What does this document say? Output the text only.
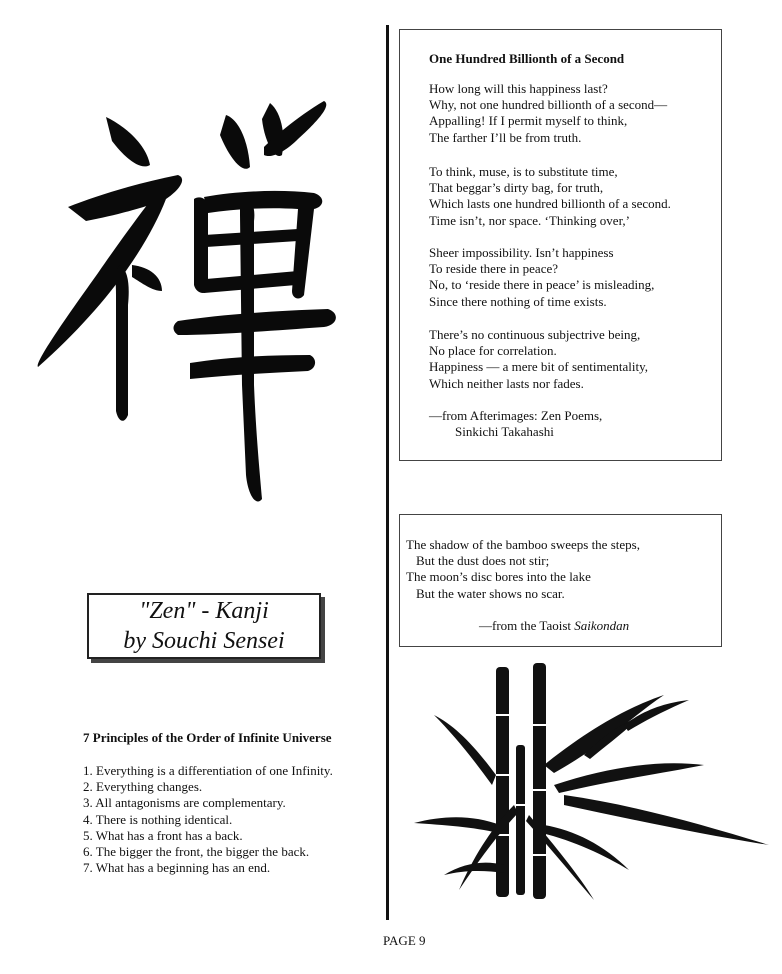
"Zen" - Kanji
by Souchi Sensei
7 Principles of the Order of Infinite Universe
1. Everything is a differentiation of one Infinity.
2. Everything changes.
3. All antagonisms are complementary.
4. There is nothing identical.
5. What has a front has a back.
6. The bigger the front, the bigger the back.
7. What has a beginning has an end.
One Hundred Billionth of a Second
How long will this happiness last?
Why, not one hundred billionth of a second—
Appalling! If I permit myself to think,
The farther I’ll be from truth.
To think, muse, is to substitute time,
That beggar’s dirty bag, for truth,
Which lasts one hundred billionth of a second.
Time isn’t, nor space. ‘Thinking over,’
Sheer impossibility. Isn’t happiness
To reside there in peace?
No, to ‘reside there in peace’ is misleading,
Since there nothing of time exists.
There’s no continuous subjectrive being,
No place for correlation.
Happiness — a mere bit of sentimentality,
Which neither lasts nor fades.
—from Afterimages: Zen Poems,
Sinkichi Takahashi
The shadow of the bamboo sweeps the steps,
But the dust does not stir;
The moon’s disc bores into the lake
But the water shows no scar.
—from the Taoist Saikondan
PAGE 9
